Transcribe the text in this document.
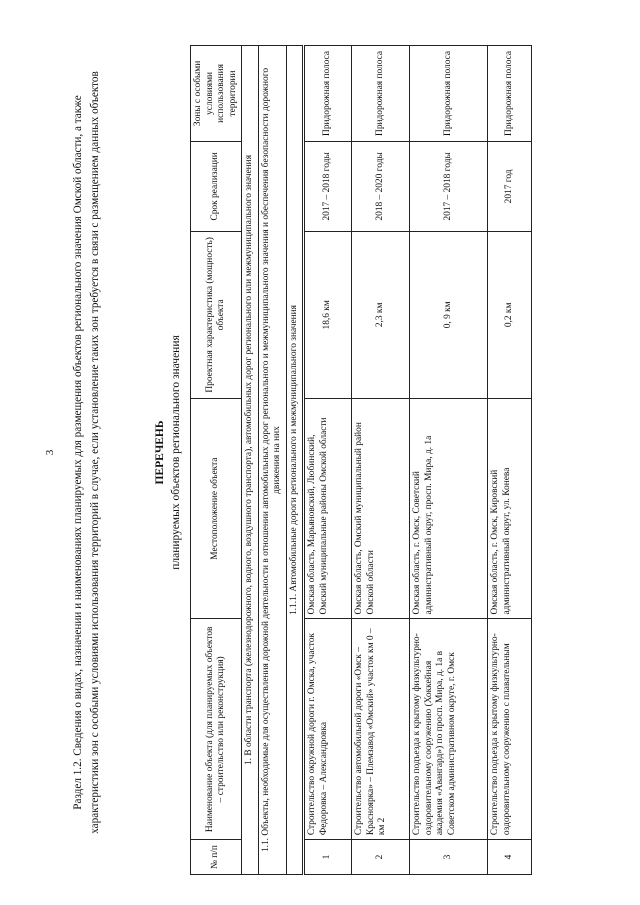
3 Раздел 1.2. Сведения о видах, назначении и наименованиях планируемых для размещения объектов регионального значения Омской области, а также характеристики зон с особыми условиями использования территорий в случае, если установление таких зон требуется в связи с размещением данных объектов	ПЕРЕЧЕНЬ планируемых объектов регионального значения
№ п/п	Наименование объекта (для планируемых объектов – строительство или реконструкция)	Местоположение объекта	Проектная характеристика (мощность) объекта	Срок реализации	Зоны с особыми условиями использования территории
1. В области транспорта (железнодорожного, водного, воздушного транспорта), автомобильных дорог регионального или межмуниципального значения					
1.1. Объекты, необходимые для осуществления дорожной деятельности в отношении автомобильных дорог регионального и межмуниципального значения и обеспечения безопасности дорожного движения на них					
1.1.1. Автомобильные дороги регионального и межмуниципального значения					
1	Строительство окружной дороги г. Омска, участок Федоровка – Александровка	Омская область, Марьяновский, Любинский, Омский муниципальные районы Омской области	18,6 км	2017 – 2018 годы	Придорожная полоса
2	Строительство автомобильной дороги «Омск – Красноярка» – Племзавод «Омский» участок км 0 – км 2	Омская область, Омский муниципальный район Омской области	2,3 км	2018 – 2020 годы	Придорожная полоса
3	Строительство подъезда к крытому физкультурно-оздоровительному сооружению (Хоккейная академия «Авангард») по просп. Мира, д. 1а в Советском административном округе, г. Омск	Омская область, г. Омск, Советский административный округ, просп. Мира, д. 1а	0, 9 км	2017 – 2018 годы	Придорожная полоса
4	Строительство подъезда к крытому физкультурно-оздоровительному сооружению с плавательным	Омская область, г. Омск, Кировский административный округ, ул. Конева	0,2 км	2017 год	Придорожная полоса
